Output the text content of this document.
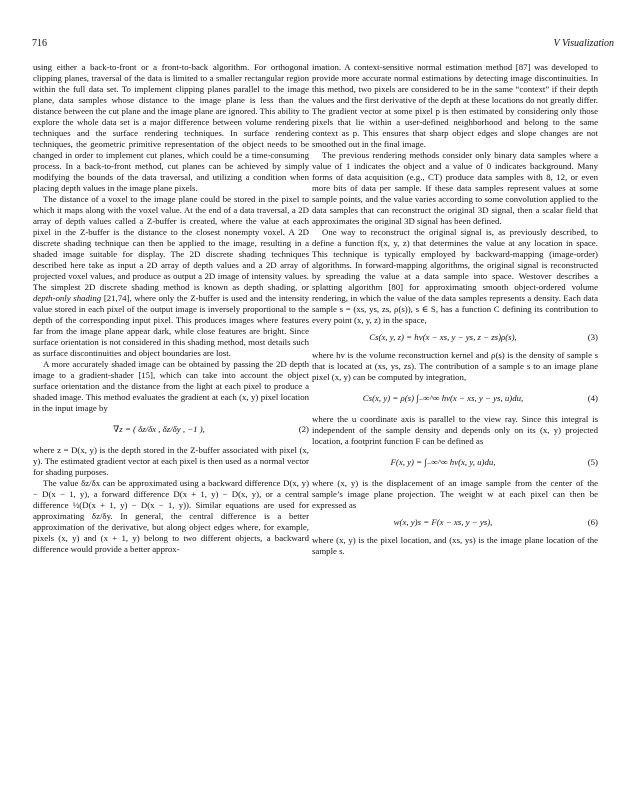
716	V Visualization

using either a back-to-front or a front-to-back algorithm. For orthogonal clipping planes, traversal of the data is limited to a smaller rectangular region within the full data set. To implement clipping planes parallel to the image plane, data samples whose distance to the image plane is less than the distance between the cut plane and the image plane are ignored. This ability to explore the whole data set is a major difference between volume rendering techniques and the surface rendering techniques. In surface rendering techniques, the geometric primitive representation of the object needs to be changed in order to implement cut planes, which could be a time-consuming process. In a back-to-front method, cut planes can be achieved by simply modifying the bounds of the data traversal, and utilizing a condition when placing depth values in the image plane pixels.

The distance of a voxel to the image plane could be stored in the pixel to which it maps along with the voxel value. At the end of a data traversal, a 2D array of depth values called a Z-buffer is created, where the value at each pixel in the Z-buffer is the distance to the closest nonempty voxel. A 2D discrete shading technique can then be applied to the image, resulting in a shaded image suitable for display. The 2D discrete shading techniques described here take as input a 2D array of depth values and a 2D array of projected voxel values, and produce as output a 2D image of intensity values. The simplest 2D discrete shading method is known as depth shading, or depth-only shading [21,74], where only the Z-buffer is used and the intensity value stored in each pixel of the output image is inversely proportional to the depth of the corresponding input pixel. This produces images where features far from the image plane appear dark, while close features are bright. Since surface orientation is not considered in this shading method, most details such as surface discontinuities and object boundaries are lost.

A more accurately shaded image can be obtained by passing the 2D depth image to a gradient-shader [15], which can take into account the object surface orientation and the distance from the light at each pixel to produce a shaded image. This method evaluates the gradient at each (x, y) pixel location in the input image by

∇z = ( δz/δx , δz/δy , −1 ),	(2)

where z = D(x, y) is the depth stored in the Z-buffer associated with pixel (x, y). The estimated gradient vector at each pixel is then used as a normal vector for shading purposes.

The value δz/δx can be approximated using a backward difference D(x, y) − D(x − 1, y), a forward difference D(x + 1, y) − D(x, y), or a central difference ½(D(x + 1, y) − D(x − 1, y)). Similar equations are used for approximating δz/δy. In general, the central difference is a better approximation of the derivative, but along object edges where, for example, pixels (x, y) and (x + 1, y) belong to two different objects, a backward difference would provide a better approx-

imation. A context-sensitive normal estimation method [87] was developed to provide more accurate normal estimations by detecting image discontinuities. In this method, two pixels are considered to be in the same “context” if their depth values and the first derivative of the depth at these locations do not greatly differ. The gradient vector at some pixel p is then estimated by considering only those pixels that lie within a user-defined neighborhood and belong to the same context as p. This ensures that sharp object edges and slope changes are not smoothed out in the final image.

The previous rendering methods consider only binary data samples where a value of 1 indicates the object and a value of 0 indicates background. Many forms of data acquisition (e.g., CT) produce data samples with 8, 12, or even more bits of data per sample. If these data samples represent values at some sample points, and the value varies according to some convolution applied to the data samples that can reconstruct the original 3D signal, then a scalar field that approximates the original 3D signal has been defined.

One way to reconstruct the original signal is, as previously described, to define a function f(x, y, z) that determines the value at any location in space. This technique is typically employed by backward-mapping (image-order) algorithms. In forward-mapping algorithms, the original signal is reconstructed by spreading the value at a data sample into space. Westover describes a splatting algorithm [80] for approximating smooth object-ordered volume rendering, in which the value of the data samples represents a density. Each data sample s = (xs, ys, zs, ρ(s)), s ∈ S, has a function C defining its contribution to every point (x, y, z) in the space,

Cs(x, y, z) = hv(x − xs, y − ys, z − zs)ρ(s),	(3)

where hv is the volume reconstruction kernel and ρ(s) is the density of sample s that is located at (xs, ys, zs). The contribution of a sample s to an image plane pixel (x, y) can be computed by integration,

Cs(x, y) = ρ(s) ∫₋∞^∞ hv(x − xs, y − ys, u)du,	(4)

where the u coordinate axis is parallel to the view ray. Since this integral is independent of the sample density and depends only on its (x, y) projected location, a footprint function F can be defined as

F(x, y) = ∫₋∞^∞ hv(x, y, u)du,	(5)

where (x, y) is the displacement of an image sample from the center of the sample’s image plane projection. The weight w at each pixel can then be expressed as

w(x, y)s = F(x − xs, y − ys),	(6)

where (x, y) is the pixel location, and (xs, ys) is the image plane location of the sample s.
